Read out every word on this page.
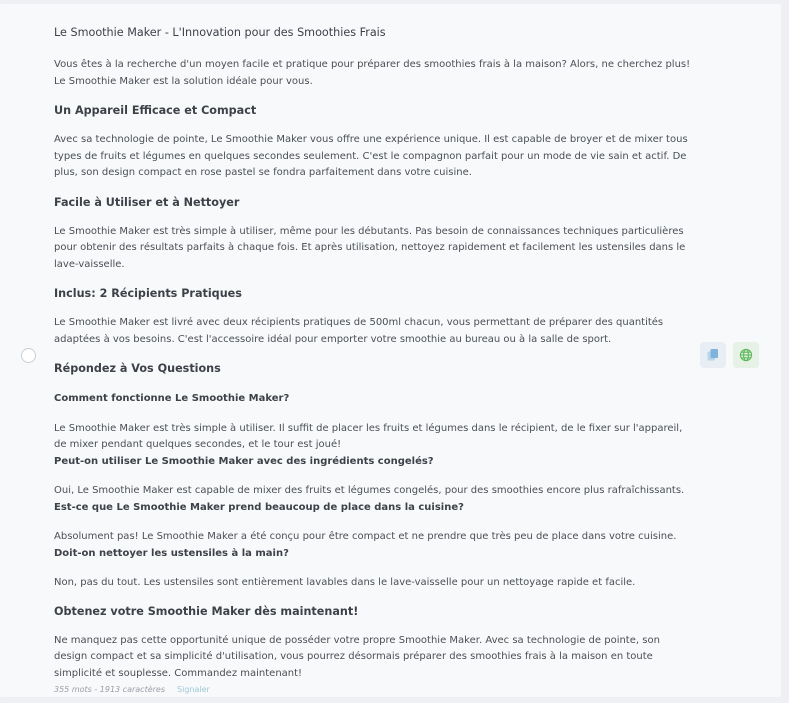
Le Smoothie Maker - L'Innovation pour des Smoothies Frais

Vous êtes à la recherche d'un moyen facile et pratique pour préparer des smoothies frais à la maison? Alors, ne cherchez plus! Le Smoothie Maker est la solution idéale pour vous.

Un Appareil Efficace et Compact

Avec sa technologie de pointe, Le Smoothie Maker vous offre une expérience unique. Il est capable de broyer et de mixer tous types de fruits et légumes en quelques secondes seulement. C'est le compagnon parfait pour un mode de vie sain et actif. De plus, son design compact en rose pastel se fondra parfaitement dans votre cuisine.

Facile à Utiliser et à Nettoyer

Le Smoothie Maker est très simple à utiliser, même pour les débutants. Pas besoin de connaissances techniques particulières pour obtenir des résultats parfaits à chaque fois. Et après utilisation, nettoyez rapidement et facilement les ustensiles dans le lave-vaisselle.

Inclus: 2 Récipients Pratiques

Le Smoothie Maker est livré avec deux récipients pratiques de 500ml chacun, vous permettant de préparer des quantités adaptées à vos besoins. C'est l'accessoire idéal pour emporter votre smoothie au bureau ou à la salle de sport.

Répondez à Vos Questions

Comment fonctionne Le Smoothie Maker?

Le Smoothie Maker est très simple à utiliser. Il suffit de placer les fruits et légumes dans le récipient, de le fixer sur l'appareil, de mixer pendant quelques secondes, et le tour est joué!

Peut-on utiliser Le Smoothie Maker avec des ingrédients congelés?

Oui, Le Smoothie Maker est capable de mixer des fruits et légumes congelés, pour des smoothies encore plus rafraîchissants.

Est-ce que Le Smoothie Maker prend beaucoup de place dans la cuisine?

Absolument pas! Le Smoothie Maker a été conçu pour être compact et ne prendre que très peu de place dans votre cuisine.

Doit-on nettoyer les ustensiles à la main?

Non, pas du tout. Les ustensiles sont entièrement lavables dans le lave-vaisselle pour un nettoyage rapide et facile.

Obtenez votre Smoothie Maker dès maintenant!

Ne manquez pas cette opportunité unique de posséder votre propre Smoothie Maker. Avec sa technologie de pointe, son design compact et sa simplicité d'utilisation, vous pourrez désormais préparer des smoothies frais à la maison en toute simplicité et souplesse. Commandez maintenant!

355 mots - 1913 caractères Signaler
